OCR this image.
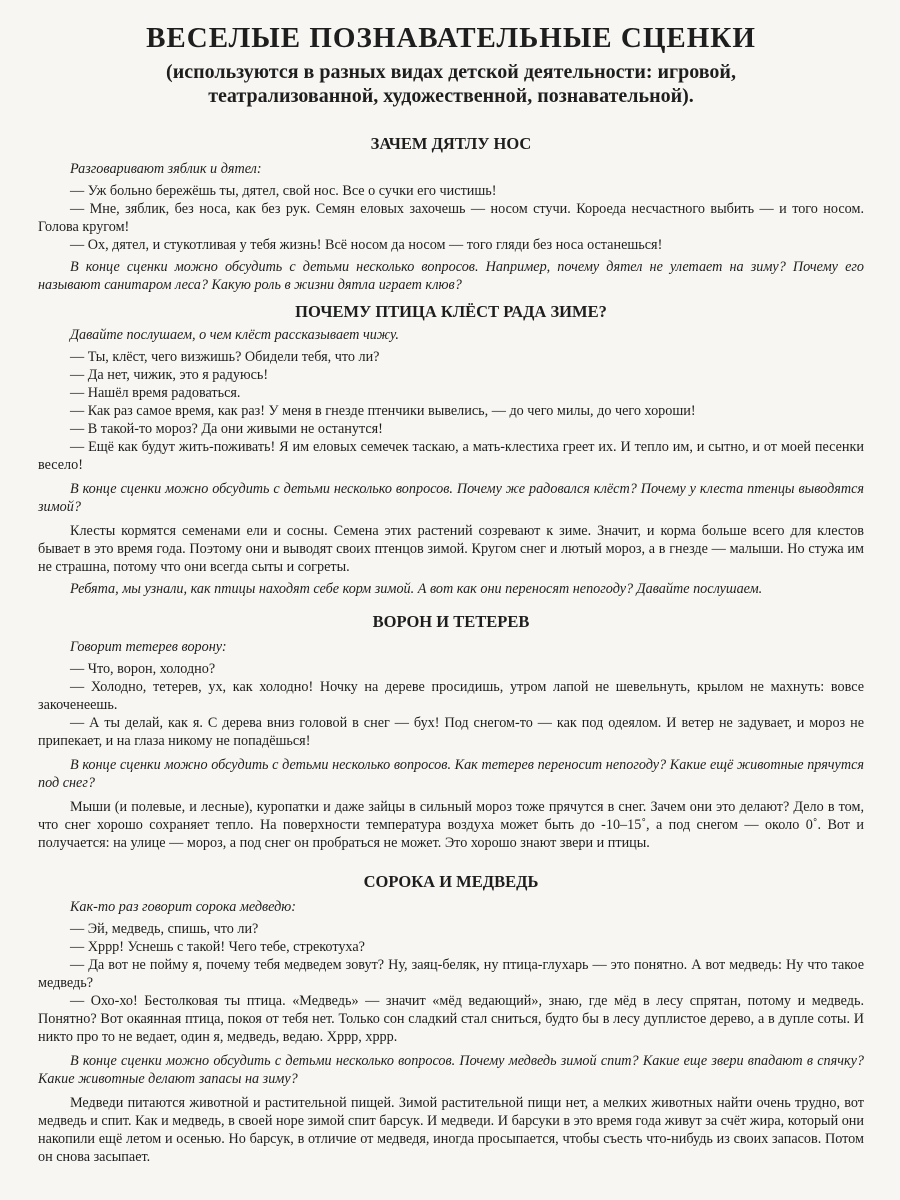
ВЕСЕЛЫЕ ПОЗНАВАТЕЛЬНЫЕ СЦЕНКИ
(используются в разных видах детской деятельности: игровой,
театрализованной, художественной, познавательной).
ЗАЧЕМ ДЯТЛУ НОС

Разговаривают зяблик и дятел:

— Уж больно бережёшь ты, дятел, свой нос. Все о сучки его чистишь!

— Мне, зяблик, без носа, как без рук. Семян еловых захочешь — носом стучи. Короеда несчастного выбить — и того носом. Голова кругом!

— Ох, дятел, и стукотливая у тебя жизнь! Всё носом да носом — того гляди без носа останешься!

В конце сценки можно обсудить с детьми несколько вопросов. Например, почему дятел не улетает на зиму? Почему его называют санитаром леса? Какую роль в жизни дятла играет клюв?

ПОЧЕМУ ПТИЦА КЛЁСТ РАДА ЗИМЕ?

Давайте послушаем, о чем клёст рассказывает чижу.

— Ты, клёст, чего визжишь? Обидели тебя, что ли?

— Да нет, чижик, это я радуюсь!

— Нашёл время радоваться.

— Как раз самое время, как раз! У меня в гнезде птенчики вывелись, — до чего милы, до чего хороши!

— В такой-то мороз? Да они живыми не останутся!

— Ещё как будут жить-поживать! Я им еловых семечек таскаю, а мать-клестиха греет их. И тепло им, и сытно, и от моей песенки весело!

В конце сценки можно обсудить с детьми несколько вопросов. Почему же радовался клёст? Почему у клеста птенцы выводятся зимой?

Клесты кормятся семенами ели и сосны. Семена этих растений созревают к зиме. Значит, и корма больше всего для клестов бывает в это время года. Поэтому они и выводят своих птенцов зимой. Кругом снег и лютый мороз, а в гнезде — малыши. Но стужа им не страшна, потому что они всегда сыты и согреты.

Ребята, мы узнали, как птицы находят себе корм зимой. А вот как они переносят непогоду? Давайте послушаем.

ВОРОН И ТЕТЕРЕВ

Говорит тетерев ворону:

— Что, ворон, холодно?

— Холодно, тетерев, ух, как холодно! Ночку на дереве просидишь, утром лапой не шевельнуть, крылом не махнуть: вовсе закоченеешь.

— А ты делай, как я. С дерева вниз головой в снег — бух! Под снегом-то — как под одеялом. И ветер не задувает, и мороз не припекает, и на глаза никому не попадёшься!

В конце сценки можно обсудить с детьми несколько вопросов. Как тетерев переносит непогоду? Какие ещё животные прячутся под снег?

Мыши (и полевые, и лесные), куропатки и даже зайцы в сильный мороз тоже прячутся в снег. Зачем они это делают? Дело в том, что снег хорошо сохраняет тепло. На поверхности температура воздуха может быть до -10–15˚, а под снегом — около 0˚. Вот и получается: на улице — мороз, а под снег он пробраться не может. Это хорошо знают звери и птицы.

СОРОКА И МЕДВЕДЬ

Как-то раз говорит сорока медведю:

— Эй, медведь, спишь, что ли?

— Хррр! Уснешь с такой! Чего тебе, стрекотуха?

— Да вот не пойму я, почему тебя медведем зовут? Ну, заяц-беляк, ну птица-глухарь — это понятно. А вот медведь: Ну что такое медведь?

— Охо-хо! Бестолковая ты птица. «Медведь» — значит «мёд ведающий», знаю, где мёд в лесу спрятан, потому и медведь. Понятно? Вот окаянная птица, покоя от тебя нет. Только сон сладкий стал сниться, будто бы в лесу дуплистое дерево, а в дупле соты. И никто про то не ведает, один я, медведь, ведаю. Хррр, хррр.

В конце сценки можно обсудить с детьми несколько вопросов. Почему медведь зимой спит? Какие еще звери впадают в спячку? Какие животные делают запасы на зиму?

Медведи питаются животной и растительной пищей. Зимой растительной пищи нет, а мелких животных найти очень трудно, вот медведь и спит. Как и медведь, в своей норе зимой спит барсук. И медведи. И барсуки в это время года живут за счёт жира, который они накопили ещё летом и осенью. Но барсук, в отличие от медведя, иногда просыпается, чтобы съесть что-нибудь из своих запасов. Потом он снова засыпает.
